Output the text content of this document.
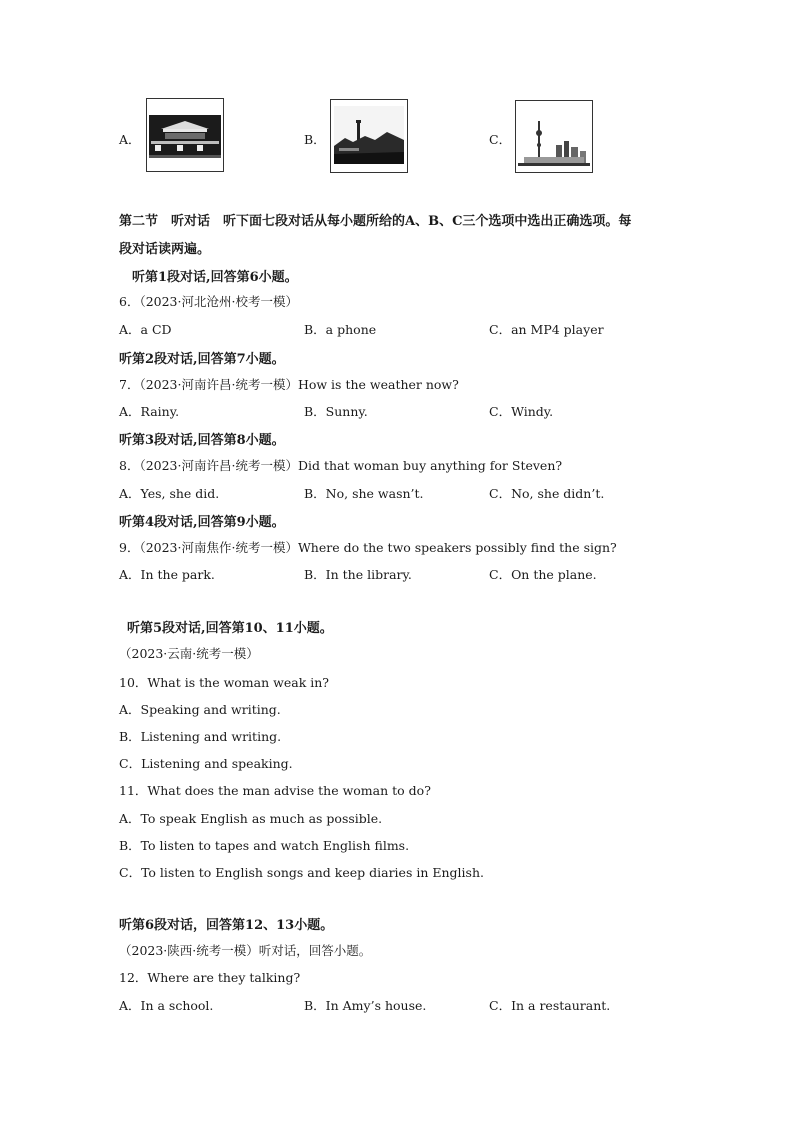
A．	B．	C．
第二节　听对话　听下面七段对话从每小题所给的A、B、C三个选项中选出正确选项。每
段对话读两遍。
听第1段对话,回答第6小题。
6．（2023·河北沧州·校考一模）
A．a CD	B．a phone	C．an MP4 player
听第2段对话,回答第7小题。
7．（2023·河南许昌·统考一模）How is the weather now?
A．Rainy.	B．Sunny.	C．Windy.
听第3段对话,回答第8小题。
8．（2023·河南许昌·统考一模）Did that woman buy anything for Steven?
A．Yes, she did.	B．No, she wasn’t.	C．No, she didn’t.
听第4段对话,回答第9小题。
9．（2023·河南焦作·统考一模）Where do the two speakers possibly find the sign?
A．In the park.	B．In the library.	C．On the plane.
听第5段对话,回答第10、11小题。
（2023·云南·统考一模）
10．What is the woman weak in?
A．Speaking and writing.
B．Listening and writing.
C．Listening and speaking.
11．What does the man advise the woman to do?
A．To speak English as much as possible.
B．To listen to tapes and watch English films.
C．To listen to English songs and keep diaries in English.
听第6段对话，回答第12、13小题。
（2023·陕西·统考一模）听对话，回答小题。
12．Where are they talking?
A．In a school.	B．In Amy’s house.	C．In a restaurant.
